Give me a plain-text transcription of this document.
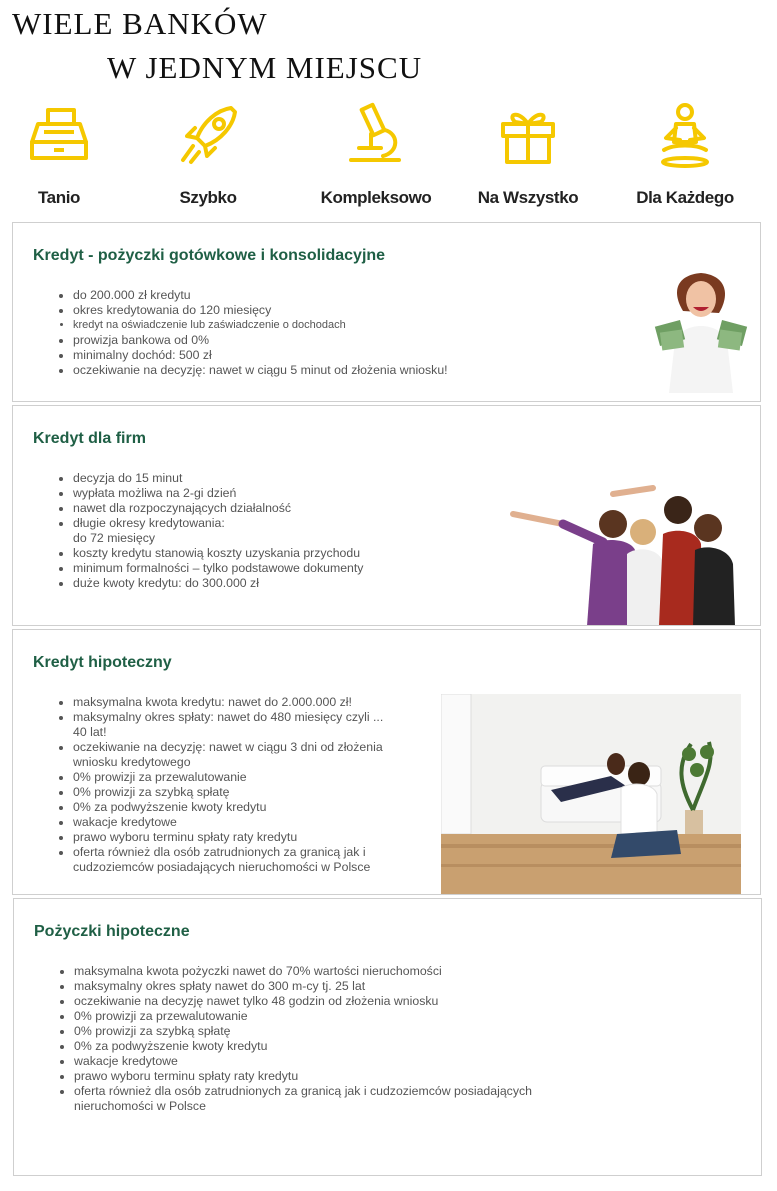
WIELE BANKÓW
W JEDNYM MIEJSCU
Tanio	Szybko	Kompleksowo	Na Wszystko	Dla Każdego
Kredyt - pożyczki gotówkowe i konsolidacyjne
• do 200.000 zł kredytu
• okres kredytowania do 120 miesięcy
• kredyt na oświadczenie lub zaświadczenie o dochodach
• prowizja bankowa od 0%
• minimalny dochód: 500 zł
• oczekiwanie na decyzję: nawet w ciągu 5 minut od złożenia wniosku!
Kredyt dla firm
• decyzja do 15 minut
• wypłata możliwa na 2-gi dzień
• nawet dla rozpoczynających działalność
• długie okresy kredytowania:
do 72 miesięcy
• koszty kredytu stanowią koszty uzyskania przychodu
• minimum formalności – tylko podstawowe dokumenty
• duże kwoty kredytu: do 300.000 zł
Kredyt hipoteczny
• maksymalna kwota kredytu: nawet do 2.000.000 zł!
• maksymalny okres spłaty: nawet do 480 miesięcy czyli ...
40 lat!
• oczekiwanie na decyzję: nawet w ciągu 3 dni od złożenia
wniosku kredytowego
• 0% prowizji za przewalutowanie
• 0% prowizji za szybką spłatę
• 0% za podwyższenie kwoty kredytu
• wakacje kredytowe
• prawo wyboru terminu spłaty raty kredytu
• oferta również dla osób zatrudnionych za granicą jak i
cudzoziemców posiadających nieruchomości w Polsce
Pożyczki hipoteczne
• maksymalna kwota pożyczki nawet do 70% wartości nieruchomości
• maksymalny okres spłaty nawet do 300 m-cy tj. 25 lat
• oczekiwanie na decyzję nawet tylko 48 godzin od złożenia wniosku
• 0% prowizji za przewalutowanie
• 0% prowizji za szybką spłatę
• 0% za podwyższenie kwoty kredytu
• wakacje kredytowe
• prawo wyboru terminu spłaty raty kredytu
• oferta również dla osób zatrudnionych za granicą jak i cudzoziemców posiadających
nieruchomości w Polsce
